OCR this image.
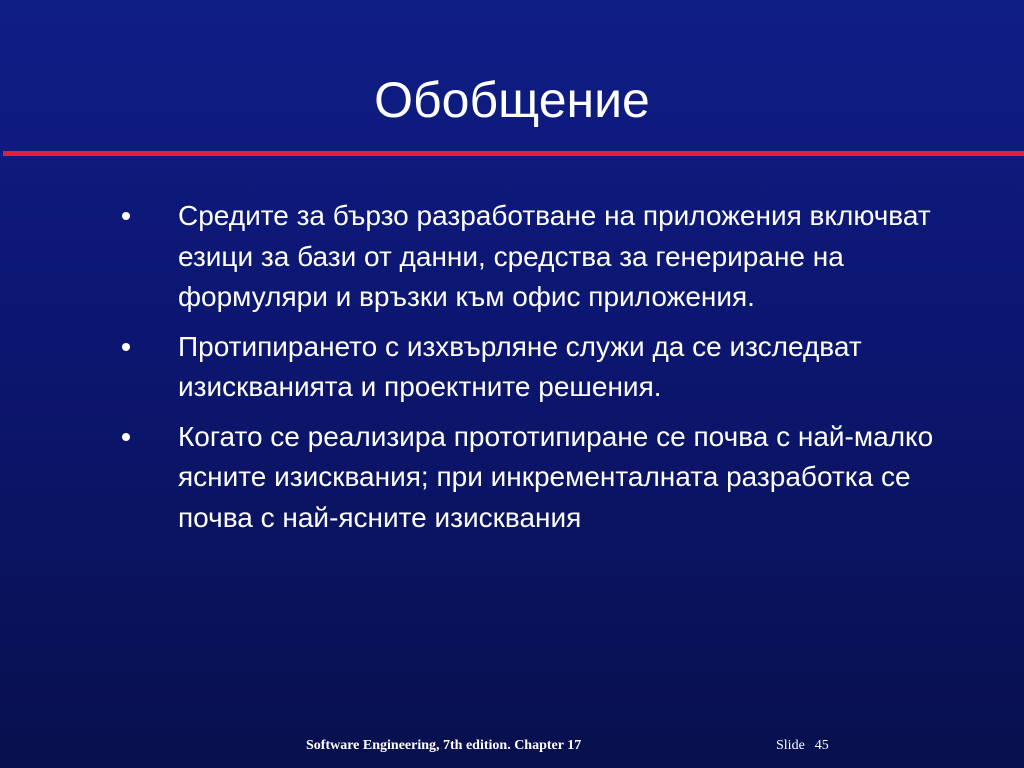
Обобщение
Средите за бързо разработване на приложения включват езици за бази от данни, средства за генериране на формуляри и връзки към офис приложения.
Протипирането с изхвърляне служи да се изследват изискванията и проектните решения.
Когато се реализира прототипиране се почва с най-малко ясните изисквания; при инкременталната разработка се почва с най-ясните изисквания
Software Engineering, 7th edition. Chapter 17	Slide 45
